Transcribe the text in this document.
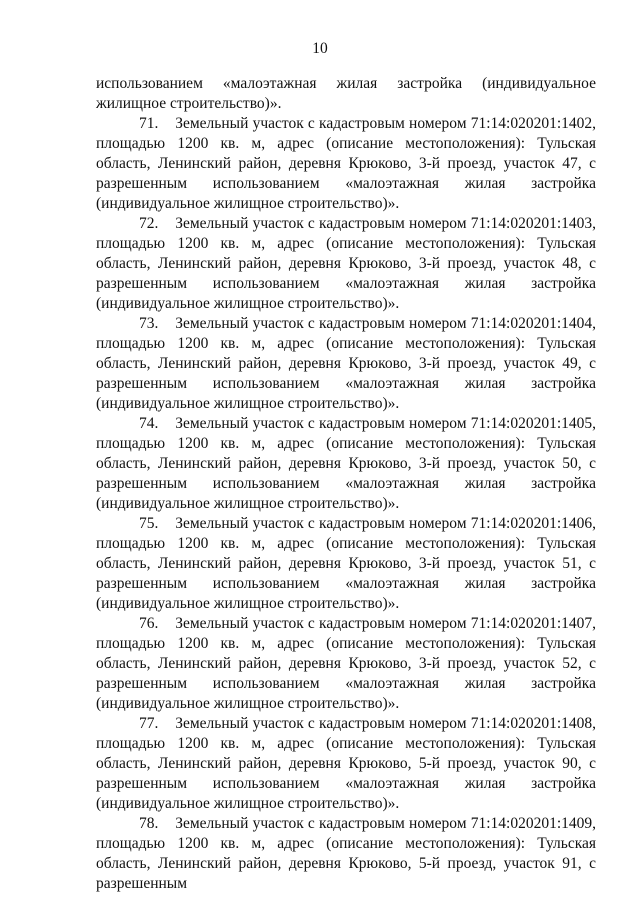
10

использованием «малоэтажная жилая застройка (индивидуальное жилищное строительство)».

71. Земельный участок с кадастровым номером 71:14:020201:1402, площадью 1200 кв. м, адрес (описание местоположения): Тульская область, Ленинский район, деревня Крюково, 3-й проезд, участок 47, с разрешенным использованием «малоэтажная жилая застройка (индивидуальное жилищное строительство)».

72. Земельный участок с кадастровым номером 71:14:020201:1403, площадью 1200 кв. м, адрес (описание местоположения): Тульская область, Ленинский район, деревня Крюково, 3-й проезд, участок 48, с разрешенным использованием «малоэтажная жилая застройка (индивидуальное жилищное строительство)».

73. Земельный участок с кадастровым номером 71:14:020201:1404, площадью 1200 кв. м, адрес (описание местоположения): Тульская область, Ленинский район, деревня Крюково, 3-й проезд, участок 49, с разрешенным использованием «малоэтажная жилая застройка (индивидуальное жилищное строительство)».

74. Земельный участок с кадастровым номером 71:14:020201:1405, площадью 1200 кв. м, адрес (описание местоположения): Тульская область, Ленинский район, деревня Крюково, 3-й проезд, участок 50, с разрешенным использованием «малоэтажная жилая застройка (индивидуальное жилищное строительство)».

75. Земельный участок с кадастровым номером 71:14:020201:1406, площадью 1200 кв. м, адрес (описание местоположения): Тульская область, Ленинский район, деревня Крюково, 3-й проезд, участок 51, с разрешенным использованием «малоэтажная жилая застройка (индивидуальное жилищное строительство)».

76. Земельный участок с кадастровым номером 71:14:020201:1407, площадью 1200 кв. м, адрес (описание местоположения): Тульская область, Ленинский район, деревня Крюково, 3-й проезд, участок 52, с разрешенным использованием «малоэтажная жилая застройка (индивидуальное жилищное строительство)».

77. Земельный участок с кадастровым номером 71:14:020201:1408, площадью 1200 кв. м, адрес (описание местоположения): Тульская область, Ленинский район, деревня Крюково, 5-й проезд, участок 90, с разрешенным использованием «малоэтажная жилая застройка (индивидуальное жилищное строительство)».

78. Земельный участок с кадастровым номером 71:14:020201:1409, площадью 1200 кв. м, адрес (описание местоположения): Тульская область, Ленинский район, деревня Крюково, 5-й проезд, участок 91, с разрешенным
